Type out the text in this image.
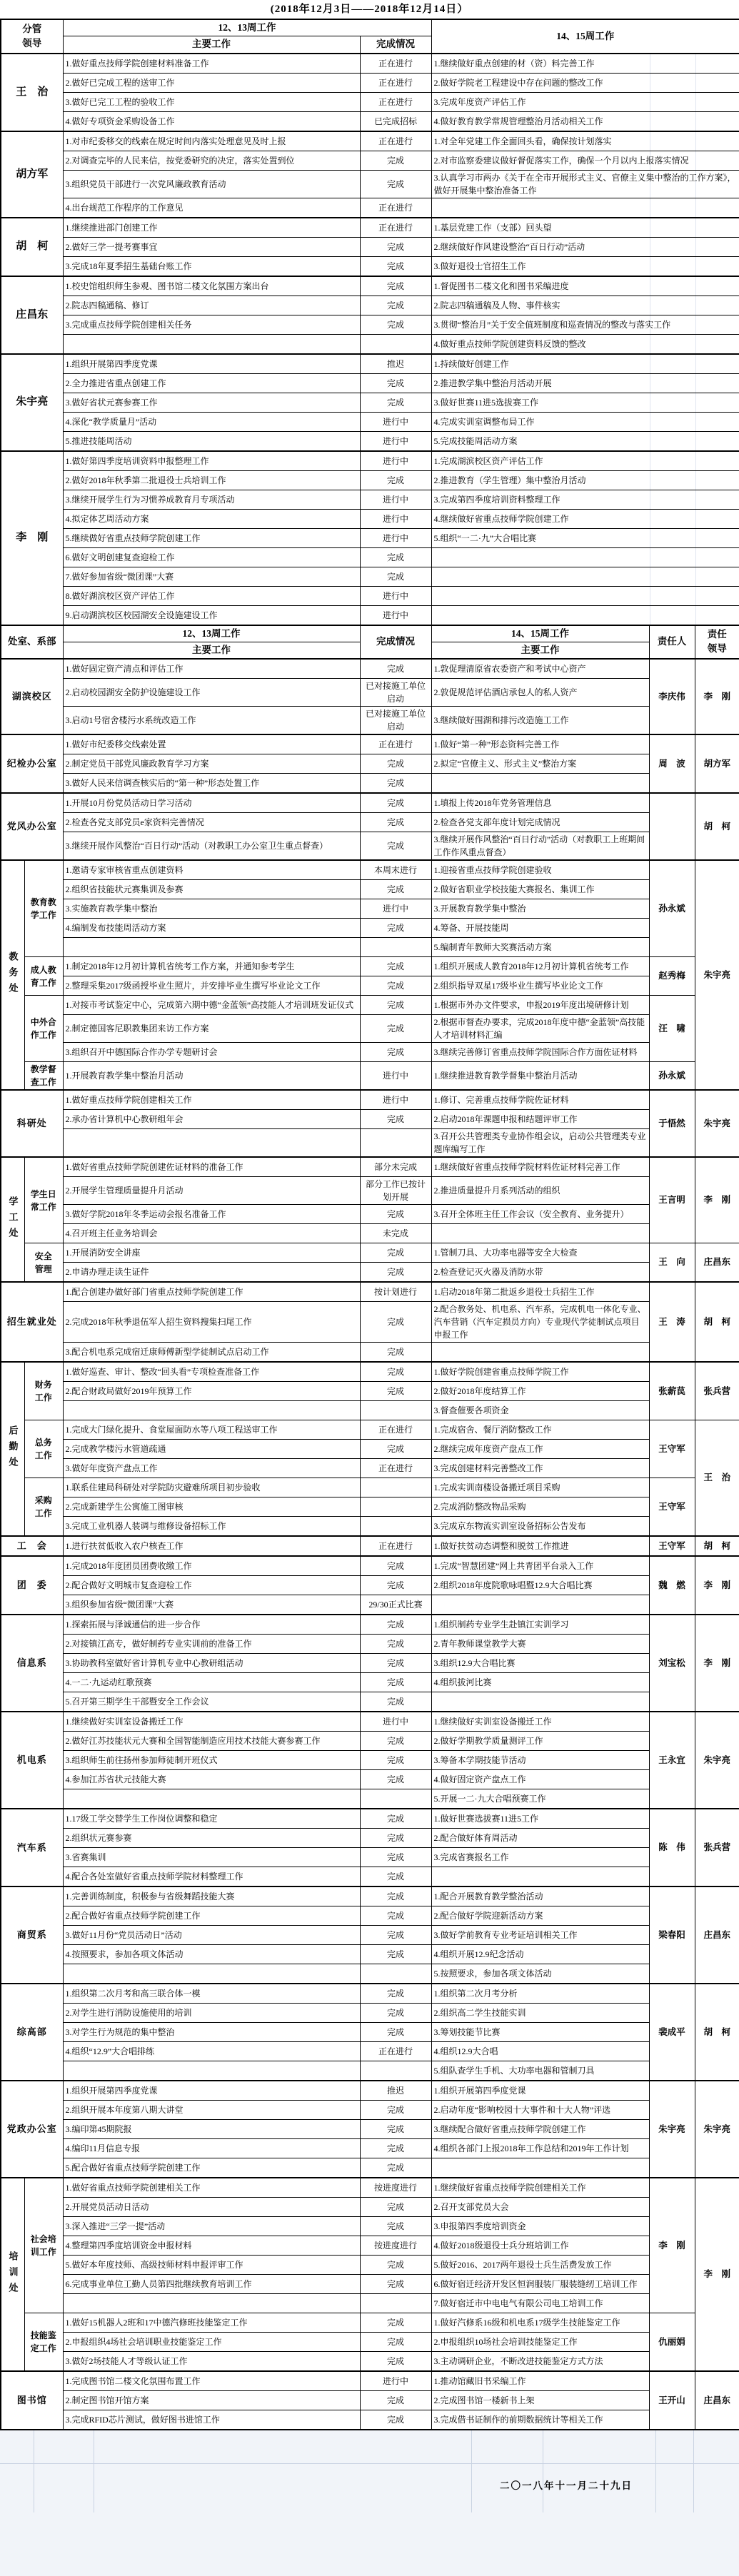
(2018年12月3日——2018年12月14日）
分管领导		12、13周工作		14、15周工作		
		主要工作	完成情况			
王　治		1.做好重点技师学院创建材料准备工作	正在进行	1.继续做好重点创建的材（资）料完善工作		
		2.做好已完成工程的送审工作	正在进行	2.做好学院老工程建设中存在问题的整改工作		
		3.做好已完工工程的验收工作	正在进行	3.完成年度资产评估工作		
		4.做好专项资金采购设备工作	已完成招标	4.做好教育教学常规管理整治月活动相关工作		
胡方军		1.对市纪委移交的线索在规定时间内落实处理意见及时上报	正在进行	1.对全年党建工作全面回头看，确保按计划落实		
		2.对调查完毕的人民来信，按党委研究的决定，落实处置到位	完成	2.对市监察委建议做好督促落实工作，确保一个月以内上报落实情况		
		3.组织党员干部进行一次党风廉政教育活动	完成	3.认真学习市两办《关于在全市开展形式主义、官僚主义集中整治的工作方案》，做好开展集中整治准备工作		
		4.出台规范工作程序的工作意见	正在进行			
胡　柯		1.继续推进部门创建工作	正在进行	1.基层党建工作（支部）回头望		
		2.做好三学一提考赛事宜	完成	2.继续做好作风建设整治“百日行动”活动		
		3.完成18年夏季招生基础台账工作	完成	3.做好退役士官招生工作		
庄昌东		1.校史馆组织师生参观、图书馆二楼文化氛围方案出台	完成	1.督促图书二楼文化和图书采编进度		
		2.院志四稿通稿、修订	完成	2.院志四稿通稿及人物、事件核实		
		3.完成重点技师学院创建相关任务	完成	3.贯彻“整治月”关于安全值班制度和巡查情况的整改与落实工作		
				4.做好重点技师学院创建资料反馈的整改		
朱宇亮		1.组织开展第四季度党课	推迟	1.持续做好创建工作		
		2.全力推进省重点创建工作	完成	2.推进教学集中整治月活动开展		
		3.做好省状元赛参赛工作	完成	3.做好世赛11进5选拔赛工作		
		4.深化“教学质量月”活动	进行中	4.完成实训室调整布局工作		
		5.推进技能周活动	进行中	5.完成技能周活动方案		
李　刚		1.做好第四季度培训资料申报整理工作	进行中	1.完成湖滨校区资产评估工作		
		2.做好2018年秋季第二批退役士兵培训工作	完成	2.推进教育（学生管理）集中整治月活动		
		3.继续开展学生行为习惯养成教育月专项活动	进行中	3.完成第四季度培训资料整理工作		
		4.拟定体艺周活动方案	进行中	4.继续做好省重点技师学院创建工作		
		5.继续做好省重点技师学院创建工作	进行中	5.组织“一二·九”大合唱比赛		
		6.做好文明创建复查迎检工作	完成			
		7.做好参加省级“微团课”大赛	完成			
		8.做好湖滨校区资产评估工作	进行中			
		9.启动湖滨校区校园湖安全设施建设工作	进行中			
处室、系部		12、13周工作	完成情况	14、15周工作	责任人	责任领导

		主要工作		主要工作		
湖滨校区		1.做好固定资产清点和评估工作	完成	1.敦促理清原省农委资产和考试中心资产	李庆伟	李　刚
		2.启动校园湖安全防护设施建设工作	已对接施工单位启动	2.敦促规范评估酒店承包人的私人资产		
		3.启动1号宿舍楼污水系统改造工作	已对接施工单位启动	3.继续做好围湖和排污改造施工工作		
纪检办公室		1.做好市纪委移交线索处置	正在进行	1.做好“第一种”形态资料完善工作	周　波	胡方军
		2.制定党员干部党风廉政教育学习方案	完成	2.拟定“官僚主义、形式主义”整治方案		
		3.做好人民来信调查核实后的“第一种”形态处置工作	完成			
党风办公室		1.开展10月份党员活动日学习活动	完成	1.填报上传2018年党务管理信息		胡　柯
		2.检查各党支部党员e家资料完善情况	完成	2.检查各党支部年度计划完成情况		
		3.继续开展作风整治“百日行动”活动（对教职工办公室卫生重点督查）	完成	3.继续开展作风整治“百日行动”活动（对教职工上班期间工作作风重点督查）		

教务处	教育教学工作	1.邀请专家审核省重点创建资料	本周末进行	1.迎接省重点技师学院创建验收	孙永斌	朱宇亮
		2.组织省技能状元赛集训及参赛	完成	2.做好省职业学校技能大赛报名、集训工作		
		3.实施教育教学集中整治	进行中	3.开展教育教学集中整治		
		4.编制发布技能周活动方案	完成	4.筹备、开展技能周		
				5.编制青年教师大奖赛活动方案		

	成人教育工作	1.制定2018年12月初计算机省统考工作方案，并通知参考学生	完成	1.组织开展成人教育2018年12月初计算机省统考工作	赵秀梅	
		2.整理采集2017级函授毕业生照片，并安排毕业生撰写毕业论文工作	完成	2.组织指导双星17级毕业生撰写毕业论文工作		

	中外合作工作	1.对接市考试鉴定中心，完成第六期中德“金蓝领”高技能人才培训班发证仪式	完成	1.根据市外办文件要求，申报2019年度出境研修计划	汪　啸	
		2.制定德国客尼职教集团来访工作方案	完成	2.根据市督查办要求，完成2018年度中德“金蓝领”高技能人才培训材料汇编		
		3.组织召开中德国际合作办学专题研讨会	完成	3.继续完善修订省重点技师学院国际合作方面佐证材料		

	教学督查工作	1.开展教育教学集中整治月活动	进行中	1.继续推进教育教学督集中整治月活动	孙永斌	
科研处		1.做好重点技师学院创建相关工作	进行中	1.修订、完善重点技师学院佐证材料	于悟然	朱宇亮
		2.承办省计算机中心教研组年会	完成	2.启动2018年课题申报和结题评审工作		
				3.召开公共管理类专业协作组会议，启动公共管理类专业题库编写工作		

学工处	学生日常工作	1.做好省重点技师学院创建佐证材料的准备工作	部分未完成	1.继续做好省重点技师学院材料佐证材料完善工作	王言明	李　刚
		2.开展学生管理质量提升月活动	部分工作已按计划开展	2.推进质量提升月系列活动的组织		
		3.做好学院2018年冬季运动会报名准备工作	完成	3.召开全体班主任工作会议（安全教育、业务提升）		
		4.召开班主任业务培训会	未完成			

	安全管理	1.开展消防安全讲座	完成	1.管制刀具、大功率电器等安全大检查	王　向	庄昌东
		2.申请办理走读生证件	完成	2.检查登记灭火器及消防水带		
招生就业处		1.配合创建办做好部门省重点技师学院创建工作	按计划进行	1.启动2018年第二批返乡退役士兵招生工作	王　涛	胡　柯
		2.完成2018年秋季退伍军人招生资料搜集扫尾工作	完成	2.配合教务处、机电系、汽车系，完成机电一体化专业、汽车营销（汽车定损员方向）专业现代学徒制试点项目申报工作		
		3.配合机电系完成宿迁康师傅新型学徒制试点启动工作	完成			

后勤处	财务工作	1.做好巡查、审计、整改“回头看”专项检查准备工作	完成	1.做好学院创建省重点技师学院工作	张薪苠	张兵营
		2.配合财政局做好2019年预算工作	完成	2.做好2018年度结算工作		
				3.督查催要各项资金		

	总务工作	1.完成大门绿化提升、食堂屋面防水等八项工程送审工作	正在进行	1.完成宿舍、餐厅消防整改工作	王守军	王　治
		2.完成教学楼污水管道疏通	完成	2.继续完成年度资产盘点工作		
		3.做好年度资产盘点工作	正在进行	3.完成创建材料完善整改工作		

	采购工作	1.联系住建局科研处对学院防灾避难所项目初步验收		1.完成实训南楼设备搬迁项目采购	王守军	
		2.完成新建学生公寓施工图审核		2.完成消防整改物品采购		
		3.完成工业机器人装调与维修设备招标工作		3.完成京东物流实训室设备招标公告发布		
工　会		1.进行扶贫低收入农户核查工作	正在进行	1.做好扶贫动态调整和脱贫工作推进	王守军	胡　柯
团　委		1.完成2018年度团员团费收缴工作	完成	1.完成“智慧团建”网上共青团平台录入工作	魏　燃	李　刚
		2.配合做好文明城市复查迎检工作	完成	2.组织2018年度院歌咏唱暨12.9大合唱比赛		
		3.组织参加省级“微团课”大赛	29/30正式比赛			
信息系		1.探索拓展与泽诚通信的进一步合作	完成	1.组织制药专业学生赴镇江实训学习	刘宝松	李　刚
		2.对接镇江高专，做好制药专业实训前的准备工作	完成	2.青年教师课堂教学大赛		
		3.协助教科室做好省计算机专业中心教研组活动	完成	3.组织12.9大合唱比赛		
		4.一二·九运动红歌预赛	完成	4.组织拔河比赛		
		5.召开第三期学生干部暨安全工作会议	完成			
机电系		1.继续做好实训室设备搬迁工作	进行中	1.继续做好实训室设备搬迁工作	王永宜	朱宇亮
		2.做好江苏技能状元大赛和全国智能制造应用技术技能大赛参赛工作	完成	2.做好学期教学质量测评工作		
		3.组织师生前往扬州参加师徒制开班仪式	完成	3.筹备本学期技能节活动		
		4.参加江苏省状元技能大赛	完成	4.做好固定资产盘点工作		
				5.开展一二·九大合唱预赛工作		
汽车系		1.17级工学交替学生工作岗位调整和稳定	完成	1.做好世赛选拔赛11进5工作	陈　伟	张兵营
		2.组织状元赛参赛	完成	2.配合做好体育周活动		
		3.省赛集训	完成	3.完成省赛报名工作		
		4.配合各处室做好省重点技师学院材料整理工作	完成			
商贸系		1.完善训练制度，积极参与省级舞蹈技能大赛	完成	1.配合开展教育教学整治活动	梁春阳	庄昌东
		2.配合做好省重点技师学院创建工作	完成	2.配合做好学院迎新活动方案		
		3.做好11月份“党员活动日”活动	完成	3.做好学前教育专业考证培训相关工作		
		4.按照要求，参加各项文体活动	完成	4.组织开展12.9纪念活动		
				5.按照要求，参加各项文体活动		
综高部		1.组织第二次月考和高三联合体一模	完成	1.组织第二次月考分析	裴成平	胡　柯
		2.对学生进行消防设施使用的培训	完成	2.组织高二学生技能实训		
		3.对学生行为规范的集中整治	完成	3.筹划技能节比赛		
		4.组织“12.9”大合唱排练	正在进行	4.组织12.9大合唱		
				5.组队查学生手机、大功率电器和管制刀具		
党政办公室		1.组织开展第四季度党课	推迟	1.组织开展第四季度党课	朱宇亮	朱宇亮
		2.组织开展本年度第八期大讲堂	完成	2.启动年度“影响校园十大事件和十大人物”评选		
		3.编印第45期院报	完成	3.继续配合做好省重点技师学院创建工作		
		4.编印11月信息专报	完成	4.组织各部门上报2018年工作总结和2019年工作计划		
		5.配合做好省重点技师学院创建工作	完成			

培训处	社会培训工作	1.做好省重点技师学院创建相关工作	按进度进行	1.继续做好省重点技师学院创建相关工作	李　刚	李　刚
		2.开展党员活动日活动	完成	2.召开支部党员大会		
		3.深入推进“三学一提”活动	完成	3.申报第四季度培训资金		
		4.整理第四季度培训资金申报材料	按进度进行	4.做好2018级退役士兵分班培训工作		
		5.做好本年度技师、高级技师材料申报评审工作	完成	5.做好2016、2017两年退役士兵生活费发放工作		
		6.完成事业单位工勤人员第四批继续教育培训工作	完成	6.做好宿迁经济开发区恒润服装厂服装缝纫工培训工作		
				7.做好宿迁市中电电气有限公司电工培训工作		

	技能鉴定工作	1.做好15机器人2班和17中德汽修班技能鉴定工作	完成	1.做好汽修系16级和机电系17级学生技能鉴定工作	仇丽娟	
		2.申报组织4场社会培训职业技能鉴定工作	完成	2.申报组织10场社会培训技能鉴定工作		
		3.做好2场技能人才等级认证工作	完成	3.主动调研企业，不断改进技能鉴定方式方法		
图书馆		1.完成图书馆二楼文化氛围布置工作	进行中	1.推动馆藏旧书采编工作	王开山	庄昌东
		2.制定图书馆开馆方案	完成	2.完成图书馆一楼新书上架		
		3.完成RFID芯片测试，做好图书进馆工作	完成	3.完成借书证制作的前期数据统计等相关工作		
二〇一八年十一月二十九日
